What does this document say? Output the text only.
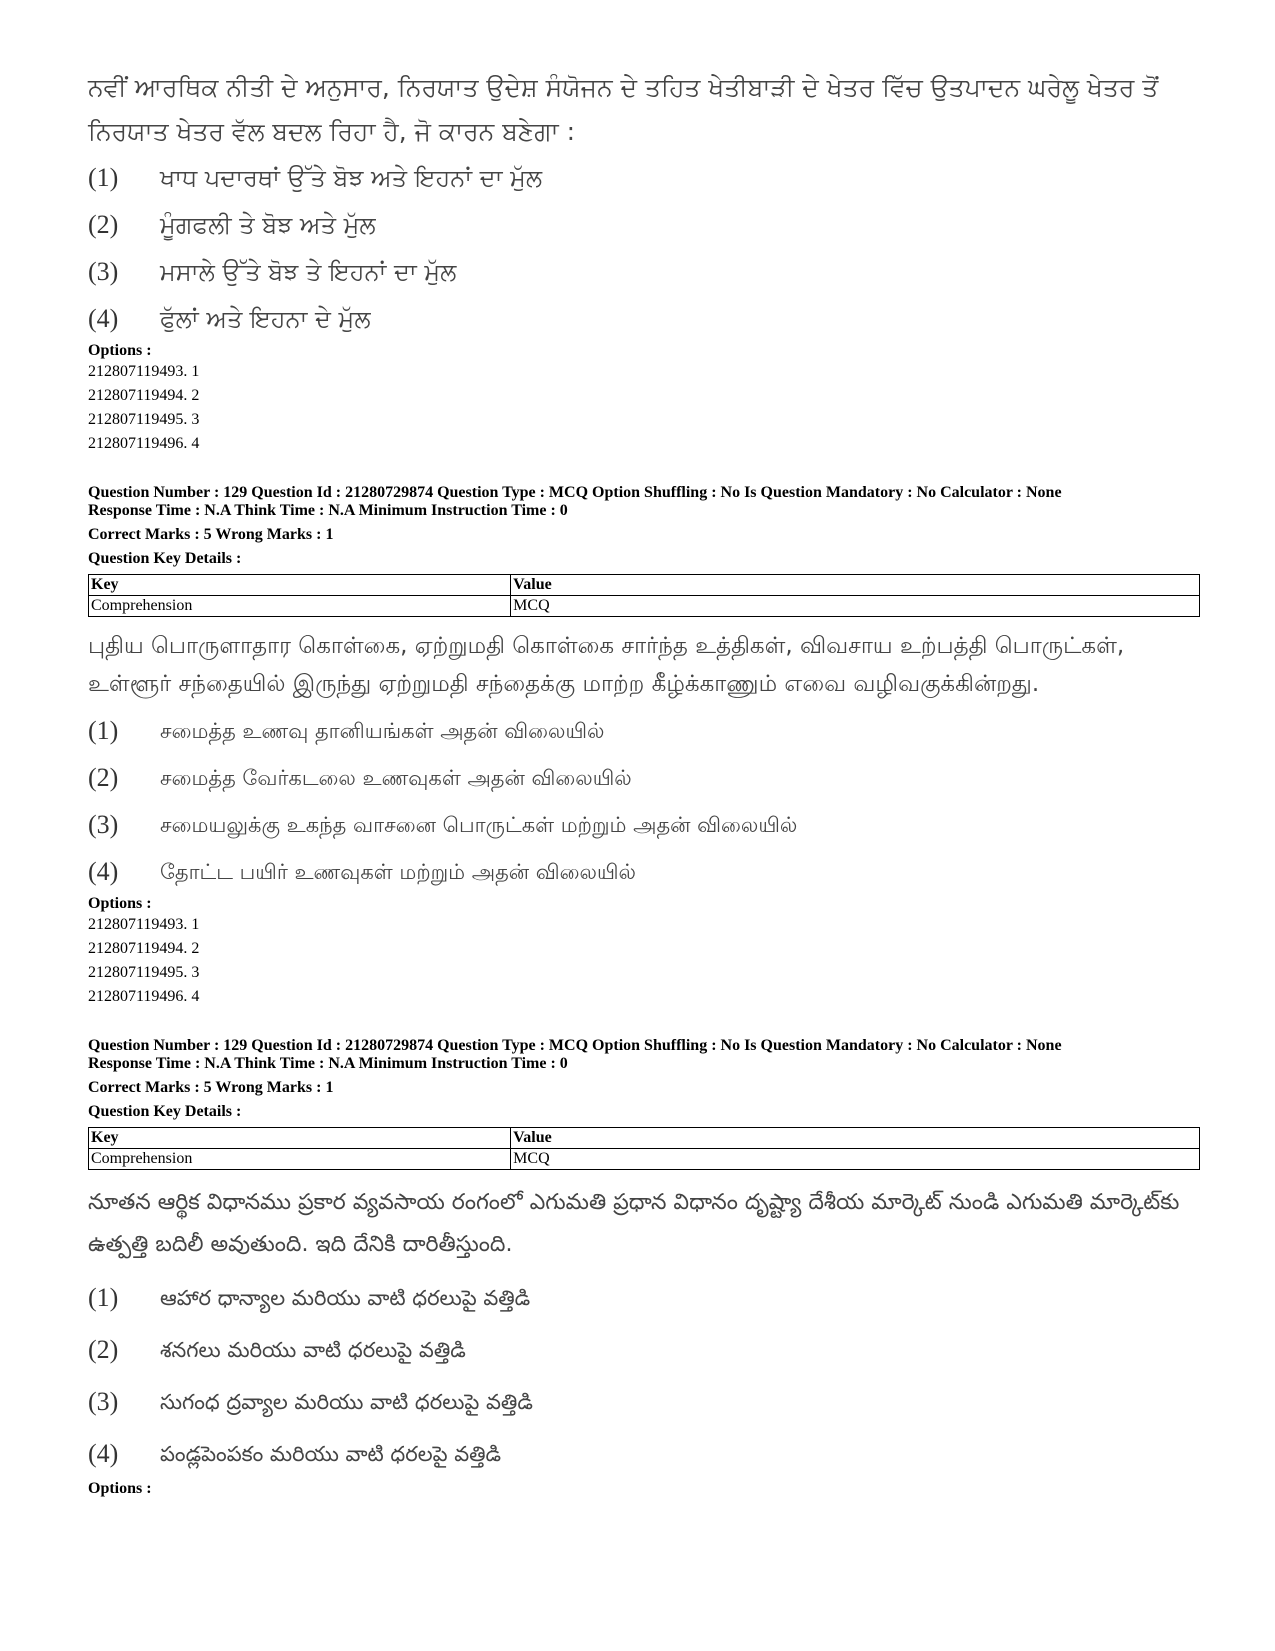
ਨਵੀਂ ਆਰਥਿਕ ਨੀਤੀ ਦੇ ਅਨੁਸਾਰ, ਨਿਰਯਾਤ ਉਦੇਸ਼ ਸੰਯੋਜਨ ਦੇ ਤਹਿਤ ਖੇਤੀਬਾੜੀ ਦੇ ਖੇਤਰ ਵਿੱਚ ਉਤਪਾਦਨ ਘਰੇਲੂ ਖੇਤਰ ਤੋਂ ਨਿਰਯਾਤ ਖੇਤਰ ਵੱਲ ਬਦਲ ਰਿਹਾ ਹੈ, ਜੋ ਕਾਰਨ ਬਣੇਗਾ :

(1)	ਖਾਧ ਪਦਾਰਥਾਂ ਉੱਤੇ ਬੋਝ ਅਤੇ ਇਹਨਾਂ ਦਾ ਮੁੱਲ
(2)	ਮੂੰਗਫਲੀ ਤੇ ਬੋਝ ਅਤੇ ਮੁੱਲ
(3)	ਮਸਾਲੇ ਉੱਤੇ ਬੋਝ ਤੇ ਇਹਨਾਂ ਦਾ ਮੁੱਲ
(4)	ਫੁੱਲਾਂ ਅਤੇ ਇਹਨਾ ਦੇ ਮੁੱਲ
Options :
212807119493. 1
212807119494. 2
212807119495. 3
212807119496. 4
Question Number : 129 Question Id : 21280729874 Question Type : MCQ Option Shuffling : No Is Question Mandatory : No Calculator : None
Response Time : N.A Think Time : N.A Minimum Instruction Time : 0
Correct Marks : 5 Wrong Marks : 1
Question Key Details :
Key	Value
Comprehension	MCQ

புதிய பொருளாதார கொள்கை, ஏற்றுமதி கொள்கை சார்ந்த உத்திகள், விவசாய உற்பத்தி பொருட்கள், உள்ளூர் சந்தையில் இருந்து ஏற்றுமதி சந்தைக்கு மாற்ற கீழ்க்காணும் எவை வழிவகுக்கின்றது.

(1)	சமைத்த உணவு தானியங்கள் அதன் விலையில்
(2)	சமைத்த வேர்கடலை உணவுகள் அதன் விலையில்
(3)	சமையலுக்கு உகந்த வாசனை பொருட்கள் மற்றும் அதன் விலையில்
(4)	தோட்ட பயிர் உணவுகள் மற்றும் அதன் விலையில்
Options :
212807119493. 1
212807119494. 2
212807119495. 3
212807119496. 4
Question Number : 129 Question Id : 21280729874 Question Type : MCQ Option Shuffling : No Is Question Mandatory : No Calculator : None
Response Time : N.A Think Time : N.A Minimum Instruction Time : 0
Correct Marks : 5 Wrong Marks : 1
Question Key Details :
Key	Value
Comprehension	MCQ

నూతన ఆర్థిక విధానము ప్రకార వ్యవసాయ రంగంలో ఎగుమతి ప్రధాన విధానం దృష్ట్యా దేశీయ మార్కెట్ నుండి ఎగుమతి మార్కెట్‌కు ఉత్పత్తి బదిలీ అవుతుంది. ఇది దేనికి దారితీస్తుంది.

(1)	ఆహార ధాన్యాల మరియు వాటి ధరలుపై వత్తిడి
(2)	శనగలు మరియు వాటి ధరలుపై వత్తిడి
(3)	సుగంధ ద్రవ్యాల మరియు వాటి ధరలుపై వత్తిడి
(4)	పండ్లపెంపకం మరియు వాటి ధరలపై వత్తిడి
Options :
